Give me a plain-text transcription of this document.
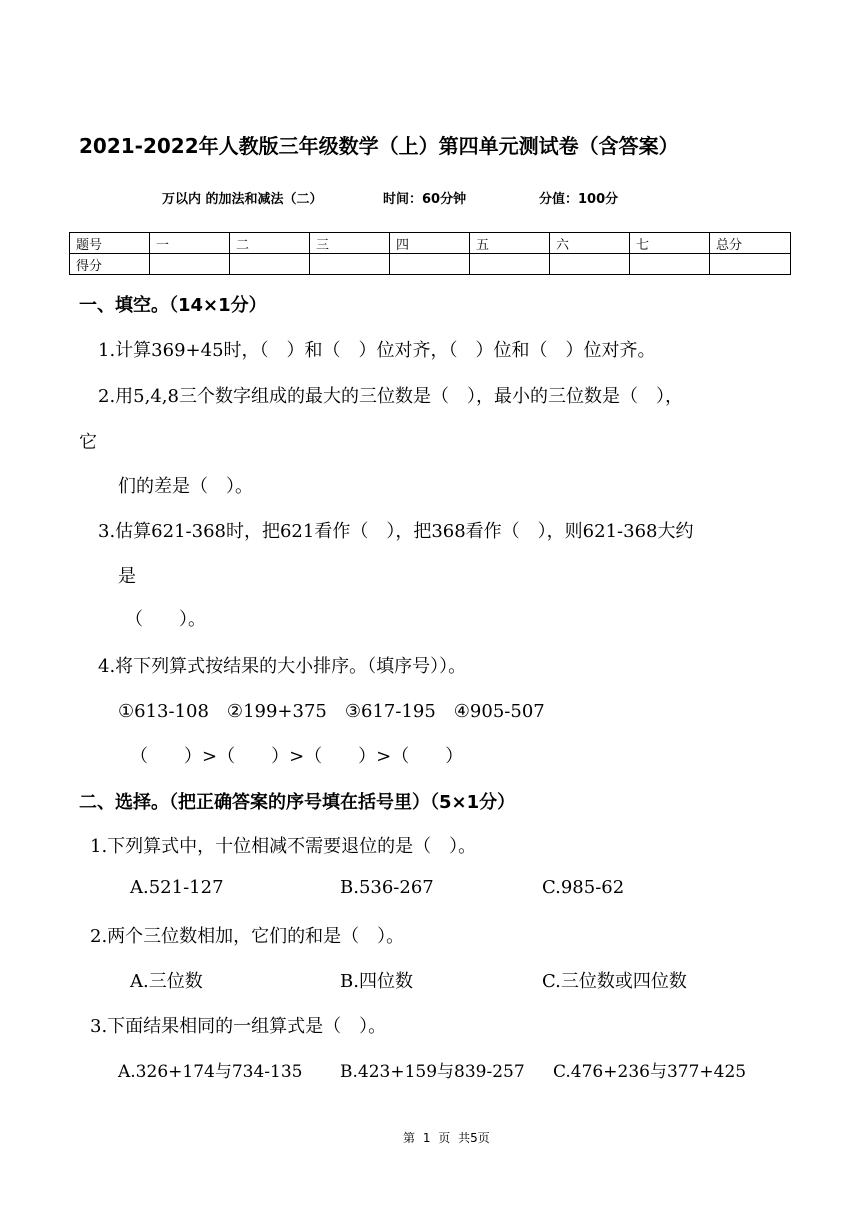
2021-2022年人教版三年级数学（上）第四单元测试卷（含答案）
万以内 的加法和减法（二）	时间：60分钟	分值：100分
题号	一	二	三	四	五	六	七	总分
得分								
一、填空。（14×1分）
1.计算369+45时，（　）和（　）位对齐，（　）位和（　）位对齐。
2.用5,4,8三个数字组成的最大的三位数是（　），最小的三位数是（　），
它
们的差是（　）。
3.估算621-368时，把621看作（　），把368看作（　），则621-368大约
是
（　　）。
4.将下列算式按结果的大小排序。（填序号））。
①613-108　②199+375　③617-195　④905-507
（　　）>（　　）>（　　）>（　　）
二、选择。（把正确答案的序号填在括号里）（5×1分）
1.下列算式中，十位相减不需要退位的是（　）。
A.521-127	B.536-267	C.985-62
2.两个三位数相加，它们的和是（　）。
A.三位数	B.四位数	C.三位数或四位数
3.下面结果相同的一组算式是（　）。
A.326+174与734-135 B.423+159与839-257 C.476+236与377+425
第 1 页 共5页
